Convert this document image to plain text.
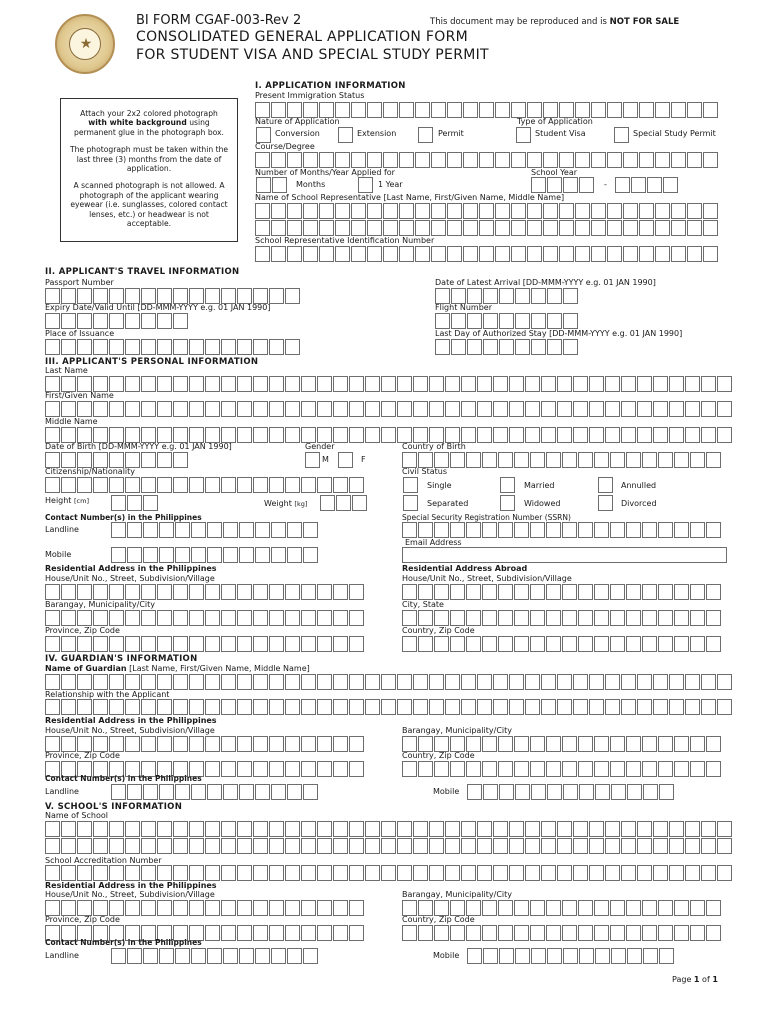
★
BI FORM CGAF-003-Rev 2	This document may be reproduced and is NOT FOR SALE
CONSOLIDATED GENERAL APPLICATION FORM
FOR STUDENT VISA AND SPECIAL STUDY PERMIT

Attach your 2x2 colored photograph
with white background using permanent glue in the photograph box.

The photograph must be taken within the last three (3) months from the date of application.

A scanned photograph is not allowed. A photograph of the applicant wearing eyewear (i.e. sunglasses, colored contact lenses, etc.) or headwear is not acceptable.

I. APPLICATION INFORMATION
Present Immigration Status
Nature of Application	Type of Application
Conversion	Extension	Permit	Student Visa	Special Study Permit
Course/Degree
Number of Months/Year Applied for	School Year
Months	1 Year	-
Name of School Representative [Last Name, First/Given Name, Middle Name]
School Representative Identification Number
II. APPLICANT'S TRAVEL INFORMATION
Passport Number	Date of Latest Arrival [DD-MMM-YYYY e.g. 01 JAN 1990]
Expiry Date/Valid Until [DD-MMM-YYYY e.g. 01 JAN 1990]	Flight Number
Place of Issuance	Last Day of Authorized Stay [DD-MMM-YYYY e.g. 01 JAN 1990]
III. APPLICANT'S PERSONAL INFORMATION
Last Name
First/Given Name
Middle Name
Date of Birth [DD-MMM-YYYY e.g. 01 JAN 1990]	Gender	Country of Birth
M	F
Citizenship/Nationality	Civil Status
Single	Married	Annulled
Separated	Widowed	Divorced
Height [cm]	Weight [kg]
Contact Number(s) in the Philippines	Special Security Registration Number (SSRN)
Landline
Email Address
Mobile
Residential Address in the Philippines	Residential Address Abroad
House/Unit No., Street, Subdivision/Village	House/Unit No., Street, Subdivision/Village
Barangay, Municipality/City	City, State
Province, Zip Code	Country, Zip Code
IV. GUARDIAN'S INFORMATION
Name of Guardian [Last Name, First/Given Name, Middle Name]
Relationship with the Applicant
Residential Address in the Philippines
House/Unit No., Street, Subdivision/Village	Barangay, Municipality/City
Province, Zip Code	Country, Zip Code
Contact Number(s) in the Philippines
Landline	Mobile
V. SCHOOL'S INFORMATION
Name of School
School Accreditation Number
Residential Address in the Philippines
House/Unit No., Street, Subdivision/Village	Barangay, Municipality/City
Province, Zip Code	Country, Zip Code
Contact Number(s) in the Philippines
Landline	Mobile
Page 1 of 1
